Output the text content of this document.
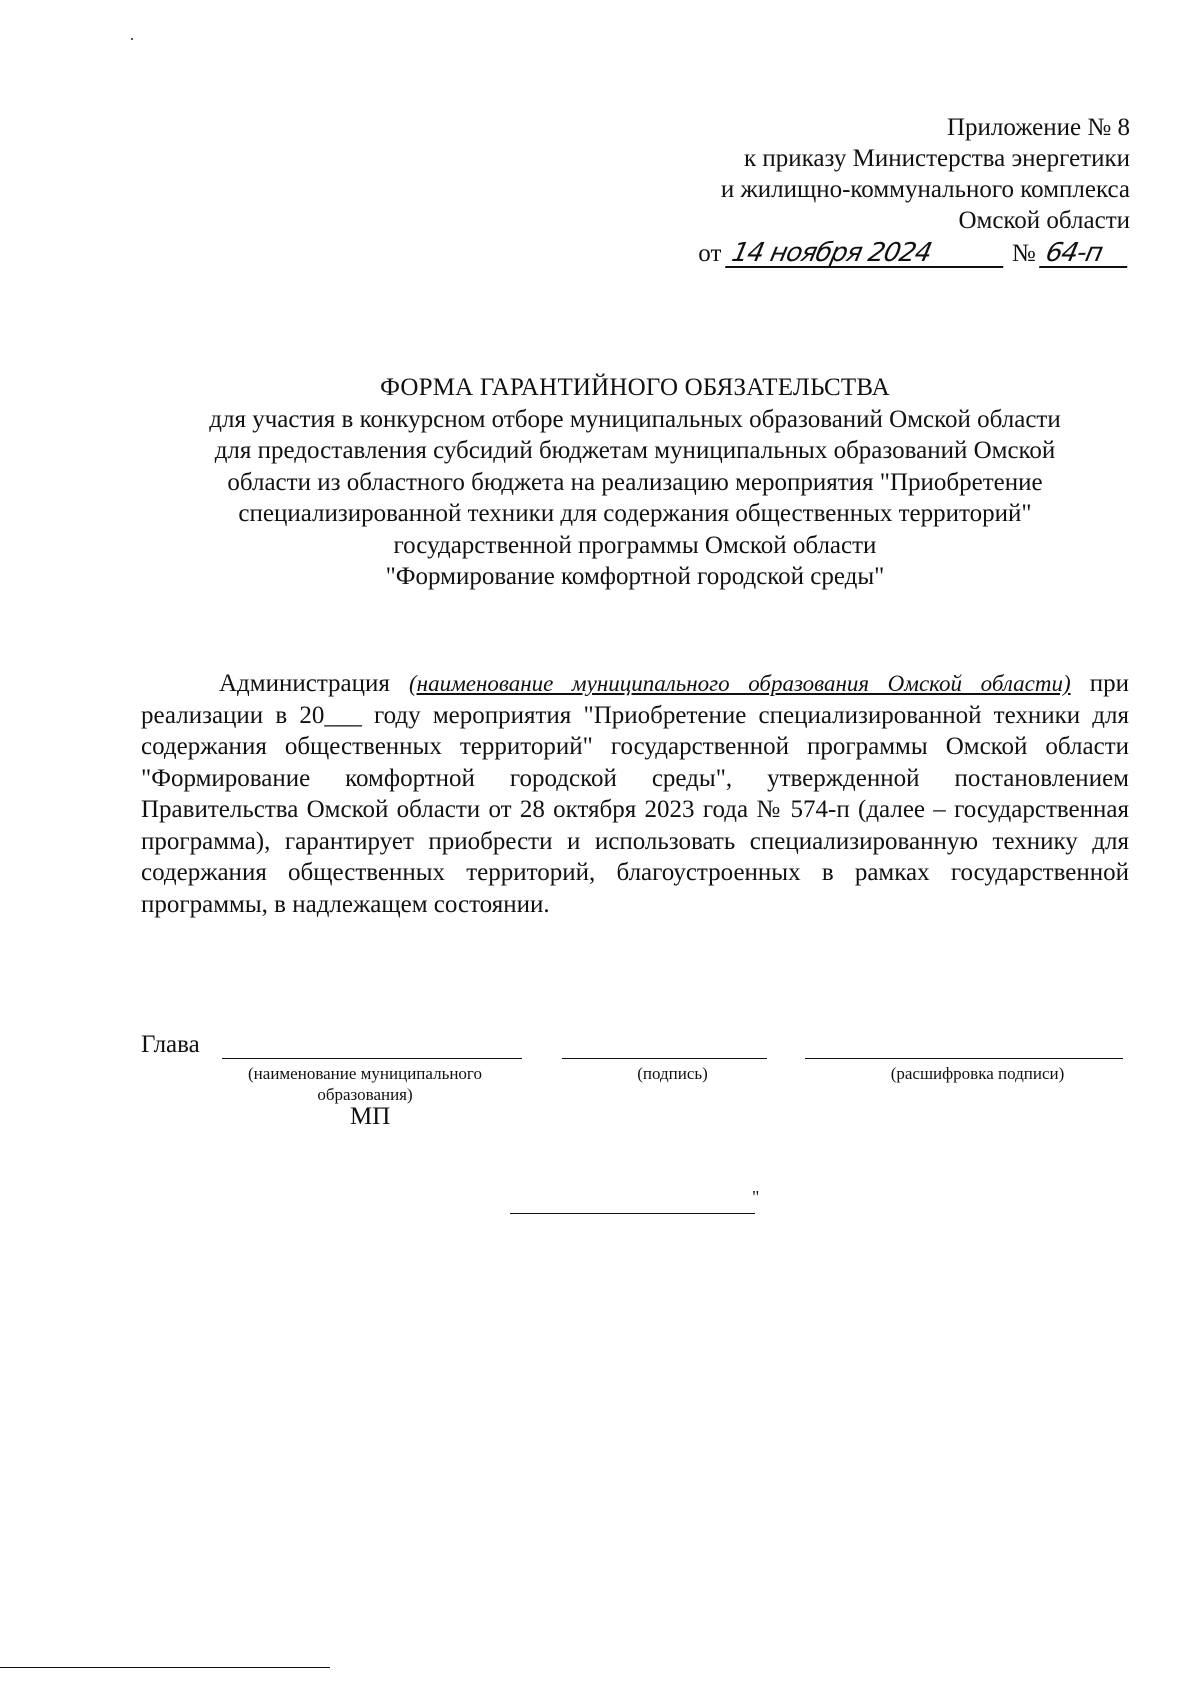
Приложение № 8
к приказу Министерства энергетики
и жилищно-коммунального комплекса
Омской области
от 14 ноября 2024	№ 64-п
ФОРМА ГАРАНТИЙНОГО ОБЯЗАТЕЛЬСТВА
для участия в конкурсном отборе муниципальных образований Омской области
для предоставления субсидий бюджетам муниципальных образований Омской
области из областного бюджета на реализацию мероприятия "Приобретение
специализированной техники для содержания общественных территорий"
государственной программы Омской области
"Формирование комфортной городской среды"
Администрация (наименование муниципального образования Омской области) при реализации в 20___ году мероприятия "Приобретение специализированной техники для содержания общественных территорий" государственной программы Омской области "Формирование комфортной городской среды", утвержденной постановлением Правительства Омской области от 28 октября 2023 года № 574-п (далее – государственная программа), гарантирует приобрести и использовать специализированную технику для содержания общественных территорий, благоустроенных в рамках государственной программы, в надлежащем состоянии.
Глава
(наименование муниципального
образования)
(подпись)	(расшифровка подписи)
МП
"
